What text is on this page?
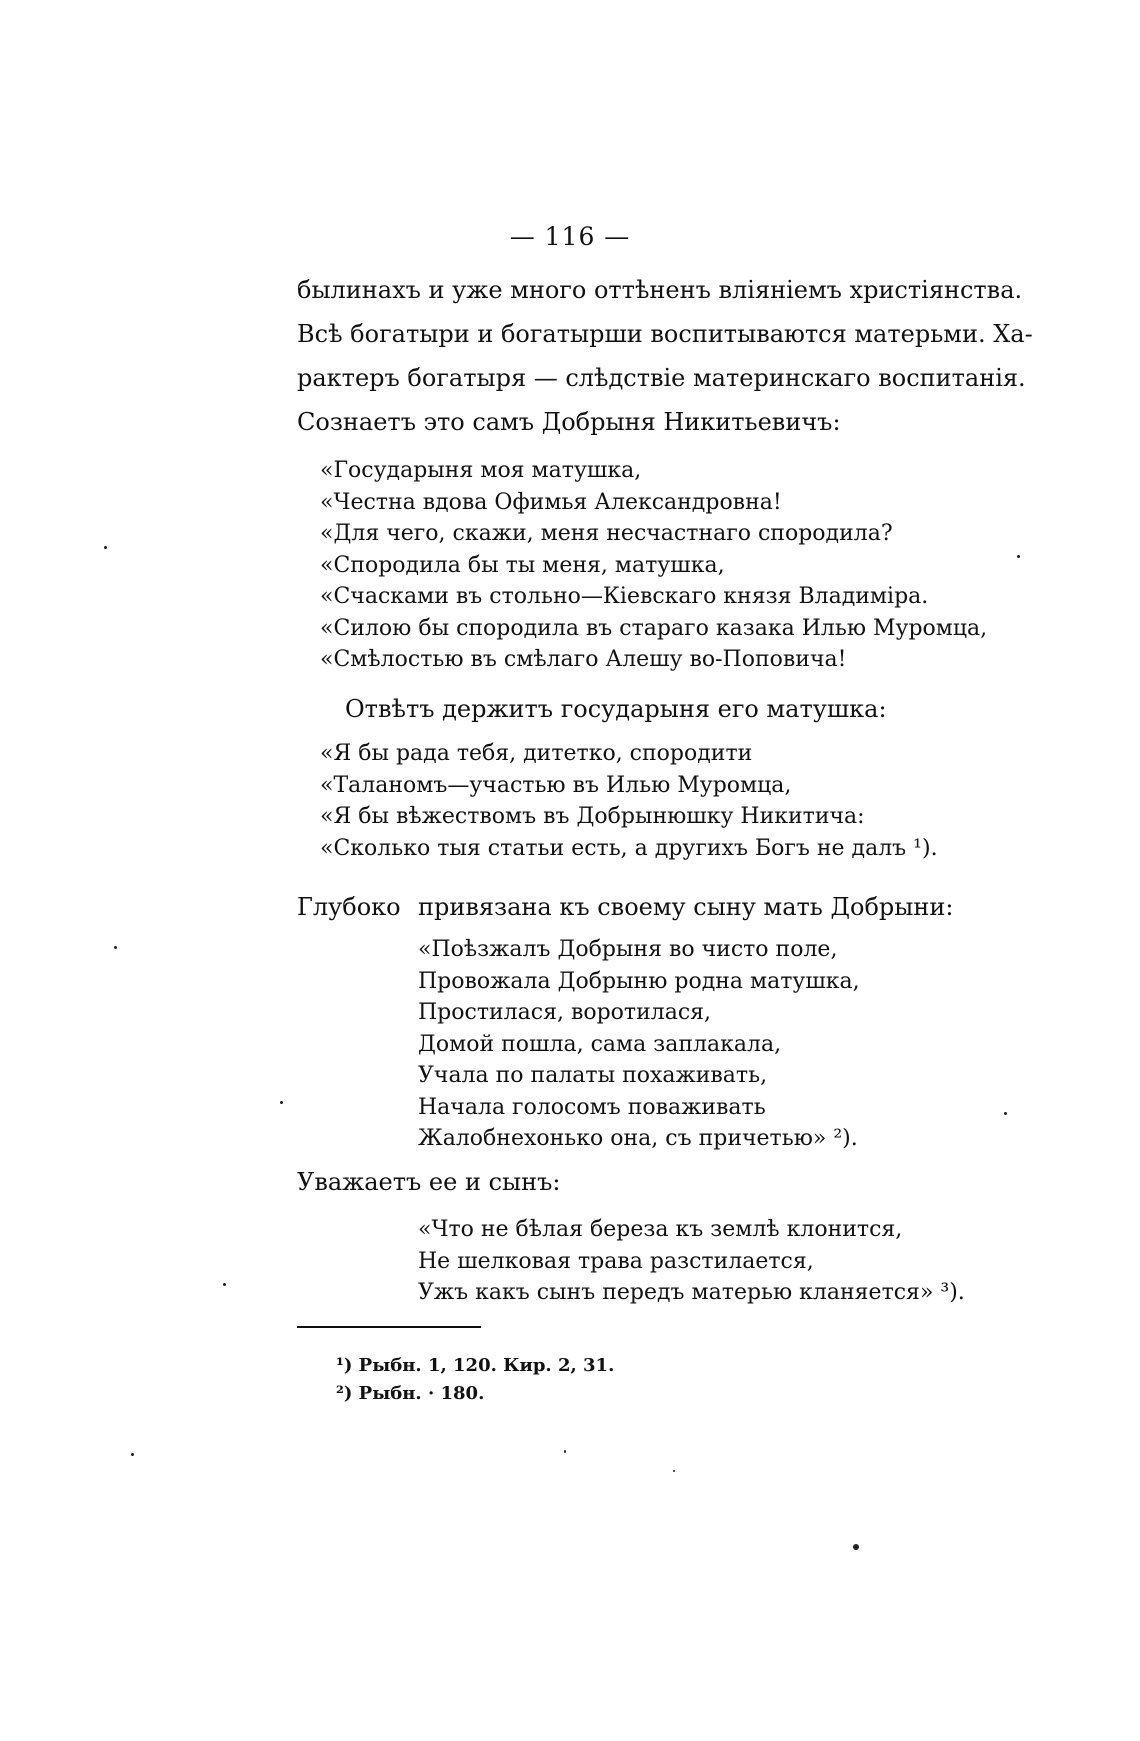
— 116 —
былинахъ и уже много оттѣненъ вліяніемъ христіянства.
Всѣ богатыри и богатырши воспитываются матерьми. Ха-
рактеръ богатыря — слѣдствіе материнскаго воспитанія.
Сознаетъ это самъ Добрыня Никитьевичъ:
«Государыня моя матушка,
«Честна вдова Офимья Александровна!
«Для чего, скажи, меня несчастнаго спородила?
«Спородила бы ты меня, матушка,
«Счасками въ стольно—Кіевскаго князя Владиміра.
«Силою бы спородила въ стараго казака Илью Муромца,
«Смѣлостью въ смѣлаго Алешу во-Поповича!
Отвѣтъ держитъ государыня его матушка:
«Я бы рада тебя, дитетко, спородити
«Таланомъ—участью въ Илью Муромца,
«Я бы вѣжествомъ въ Добрынюшку Никитича:
«Сколько тыя статьи есть, а другихъ Богъ не далъ ¹).
Глубоко привязана къ своему сыну мать Добрыни:
«Поѣзжалъ Добрыня во чисто поле,
Провожала Добрыню родна матушка,
Простилася, воротилася,
Домой пошла, сама заплакала,
Учала по палаты похаживать,
Начала голосомъ поваживать
Жалобнехонько она, съ причетью» ²).
Уважаетъ ее и сынъ:
«Что не бѣлая береза къ землѣ клонится,
Не шелковая трава разстилается,
Ужъ какъ сынъ передъ матерью кланяется» ³).
¹) Рыбн. 1, 120. Кир. 2, 31.
²) Рыбн. · 180.
